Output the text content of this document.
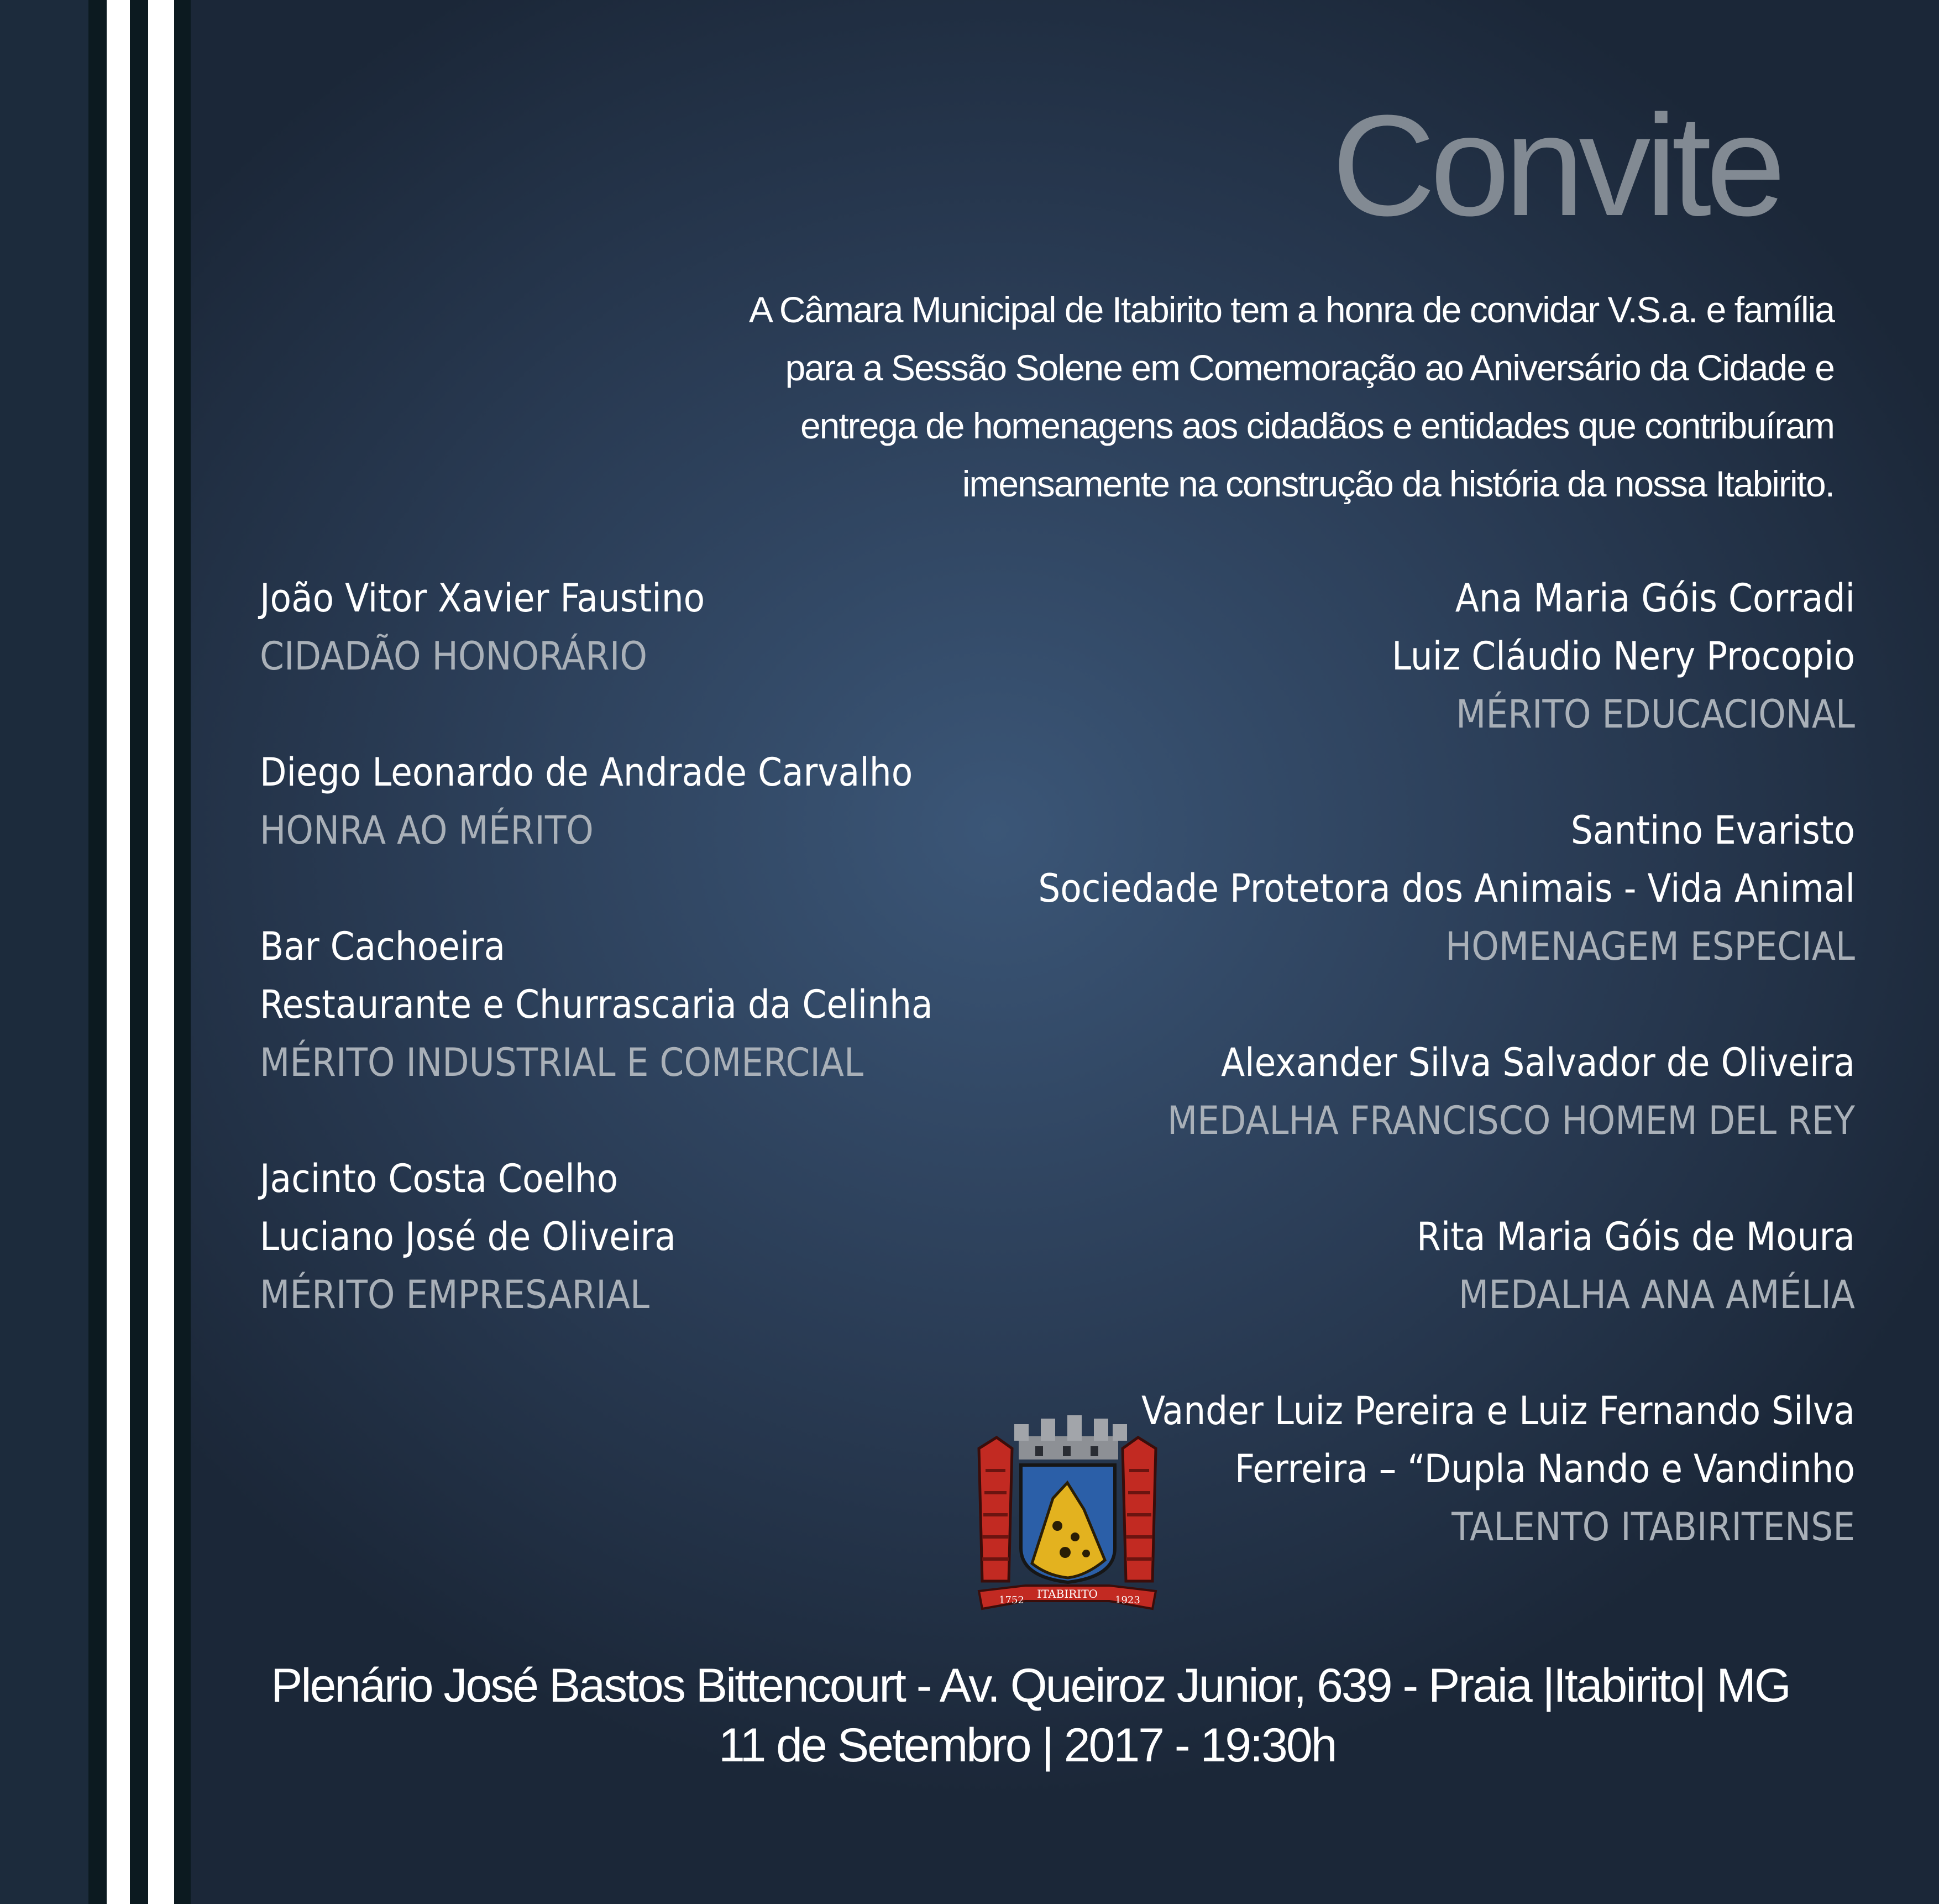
Convite
A Câmara Municipal de Itabirito tem a honra de convidar V.S.a. e família
para a Sessão Solene em Comemoração ao Aniversário da Cidade e
entrega de homenagens aos cidadãos e entidades que contribuíram
imensamente na construção da história da nossa Itabirito.
João Vitor Xavier Faustino
CIDADÃO HONORÁRIO
Diego Leonardo de Andrade Carvalho
HONRA AO MÉRITO
Bar Cachoeira
Restaurante e Churrascaria da Celinha
MÉRITO INDUSTRIAL E COMERCIAL
Jacinto Costa Coelho
Luciano José de Oliveira
MÉRITO EMPRESARIAL
Ana Maria Góis Corradi
Luiz Cláudio Nery Procopio
MÉRITO EDUCACIONAL
Santino Evaristo
Sociedade Protetora dos Animais - Vida Animal
HOMENAGEM ESPECIAL
Alexander Silva Salvador de Oliveira
MEDALHA FRANCISCO HOMEM DEL REY
Rita Maria Góis de Moura
MEDALHA ANA AMÉLIA
Vander Luiz Pereira e Luiz Fernando Silva
Ferreira – “Dupla Nando e Vandinho
TALENTO ITABIRITENSE
1752 ITABIRITO 1923
Plenário José Bastos Bittencourt - Av. Queiroz Junior, 639 - Praia |Itabirito| MG
11 de Setembro | 2017 - 19:30h
